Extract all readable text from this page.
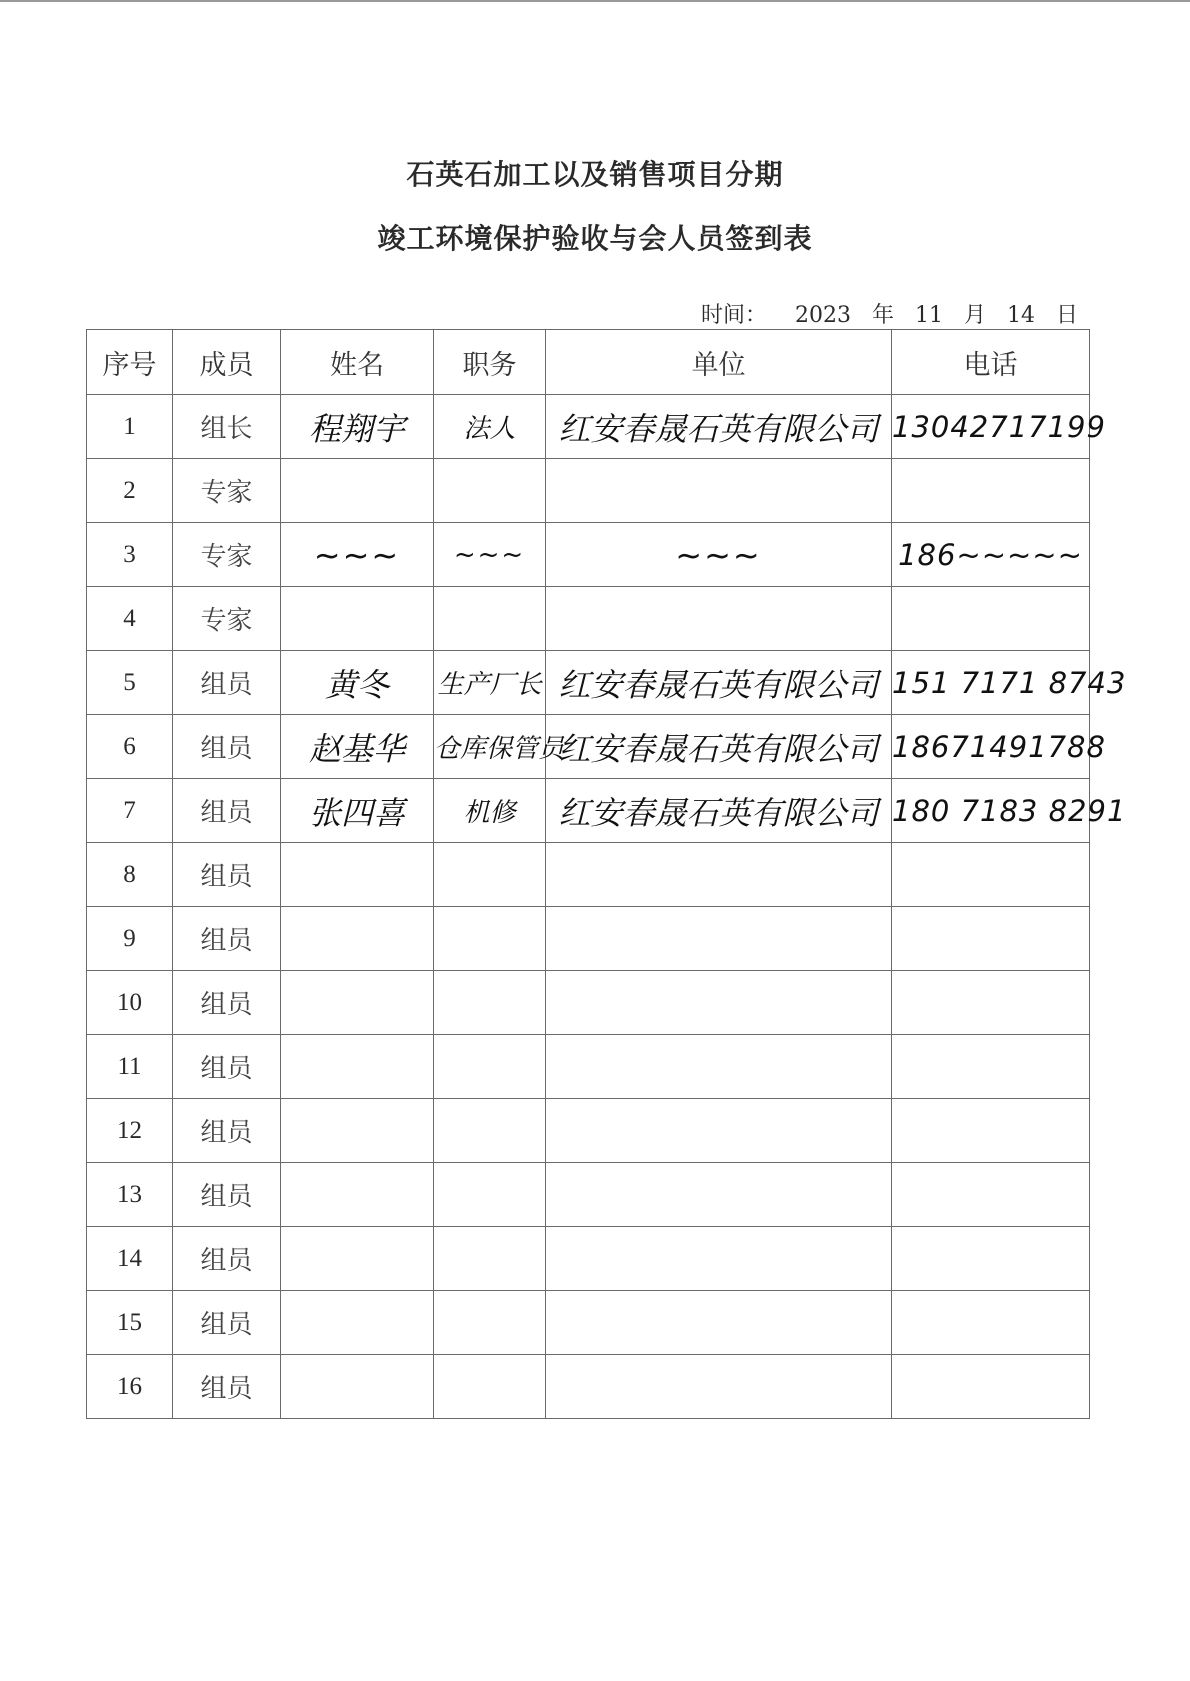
石英石加工以及销售项目分期
竣工环境保护验收与会人员签到表
时间： 2023 年 11 月 14 日
序号	成员	姓名	职务	单位	电话
1	组长	程翔宇	法人	红安春晟石英有限公司	13042717199
2	专家				
3	专家	~~~	~~~	~~~	186~~~~~
4	专家				
5	组员	黄冬	生产厂长	红安春晟石英有限公司	151 7171 8743
6	组员	赵基华	仓库保管员	红安春晟石英有限公司	18671491788
7	组员	张四喜	机修	红安春晟石英有限公司	180 7183 8291
8	组员				
9	组员				
10	组员				
11	组员				
12	组员				
13	组员				
14	组员				
15	组员				
16	组员				
